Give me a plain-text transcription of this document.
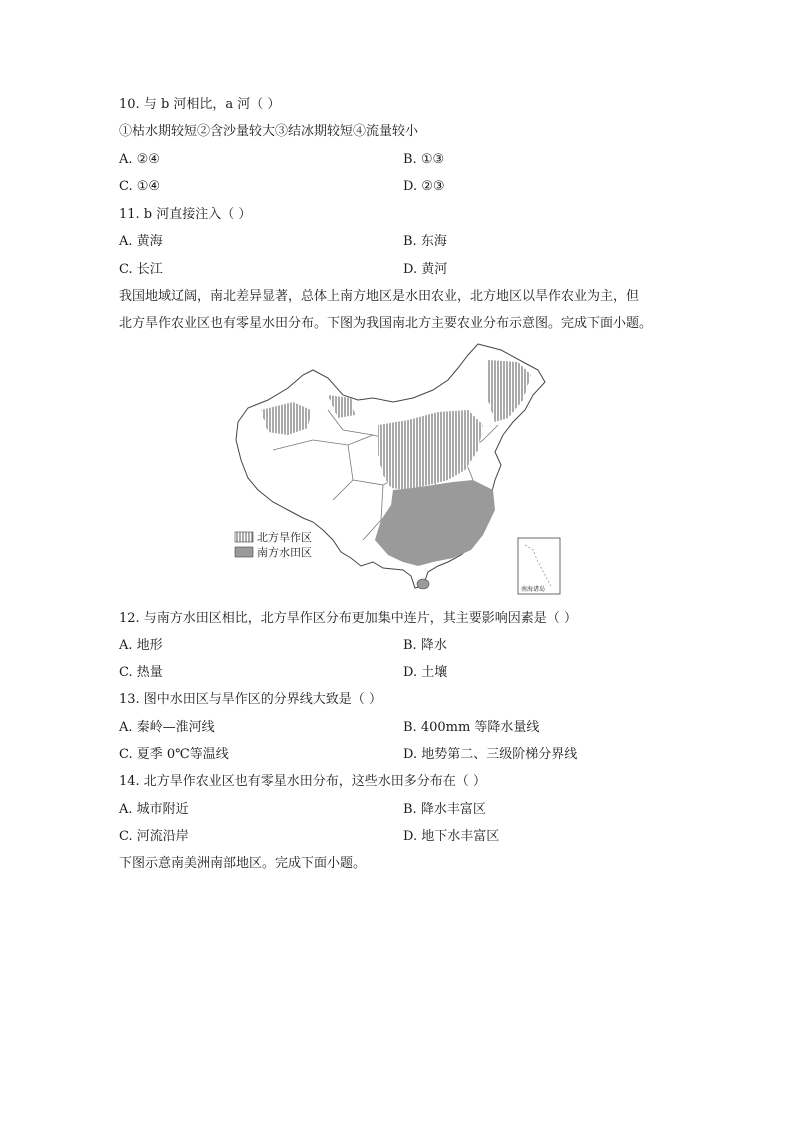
10. 与 b 河相比，a 河（ ）
①枯水期较短②含沙量较大③结冰期较短④流量较小
A. ②④	B. ①③
C. ①④	D. ②③
11. b 河直接注入（ ）
A. 黄海	B. 东海
C. 长江	D. 黄河
我国地域辽阔，南北差异显著，总体上南方地区是水田农业，北方地区以旱作农业为主，但
北方旱作农业区也有零星水田分布。下图为我国南北方主要农业分布示意图。完成下面小题。
北方旱作区
南方水田区
南海诸岛
12. 与南方水田区相比，北方旱作区分布更加集中连片，其主要影响因素是（ ）
A. 地形	B. 降水
C. 热量	D. 土壤
13. 图中水田区与旱作区的分界线大致是（ ）
A. 秦岭—淮河线	B. 400mm 等降水量线
C. 夏季 0℃等温线	D. 地势第二、三级阶梯分界线
14. 北方旱作农业区也有零星水田分布，这些水田多分布在（ ）
A. 城市附近	B. 降水丰富区
C. 河流沿岸	D. 地下水丰富区
下图示意南美洲南部地区。完成下面小题。
